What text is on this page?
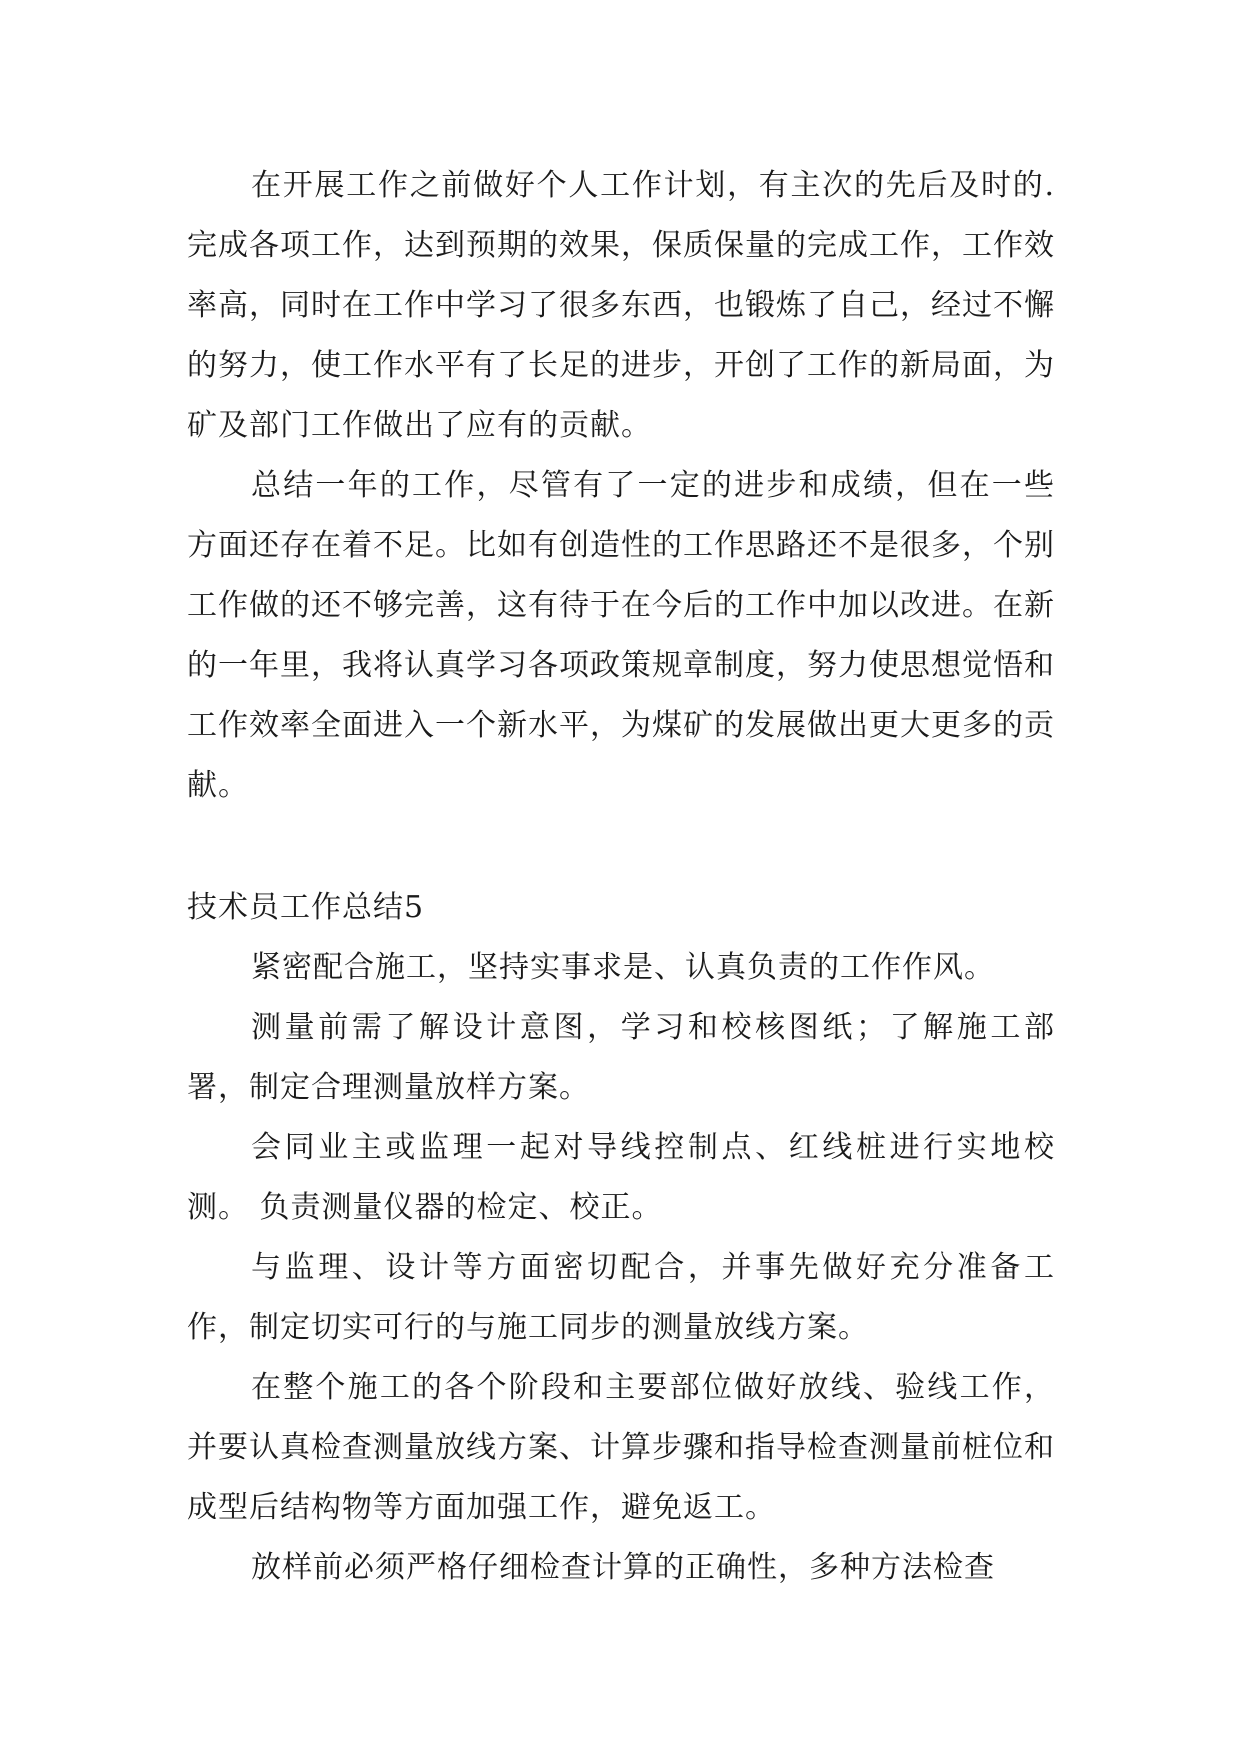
在开展工作之前做好个人工作计划，有主次的先后及时的.完成各项工作，达到预期的效果，保质保量的完成工作，工作效率高，同时在工作中学习了很多东西，也锻炼了自己，经过不懈的努力，使工作水平有了长足的进步，开创了工作的新局面，为矿及部门工作做出了应有的贡献。

总结一年的工作，尽管有了一定的进步和成绩，但在一些方面还存在着不足。比如有创造性的工作思路还不是很多，个别工作做的还不够完善，这有待于在今后的工作中加以改进。在新的一年里，我将认真学习各项政策规章制度，努力使思想觉悟和工作效率全面进入一个新水平，为煤矿的发展做出更大更多的贡献。

技术员工作总结5

紧密配合施工，坚持实事求是、认真负责的工作作风。

测量前需了解设计意图，学习和校核图纸；了解施工部署，制定合理测量放样方案。

会同业主或监理一起对导线控制点、红线桩进行实地校测。 负责测量仪器的检定、校正。

与监理、设计等方面密切配合，并事先做好充分准备工作，制定切实可行的与施工同步的测量放线方案。

在整个施工的各个阶段和主要部位做好放线、验线工作，并要认真检查测量放线方案、计算步骤和指导检查测量前桩位和成型后结构物等方面加强工作，避免返工。

放样前必须严格仔细检查计算的正确性，多种方法检查
